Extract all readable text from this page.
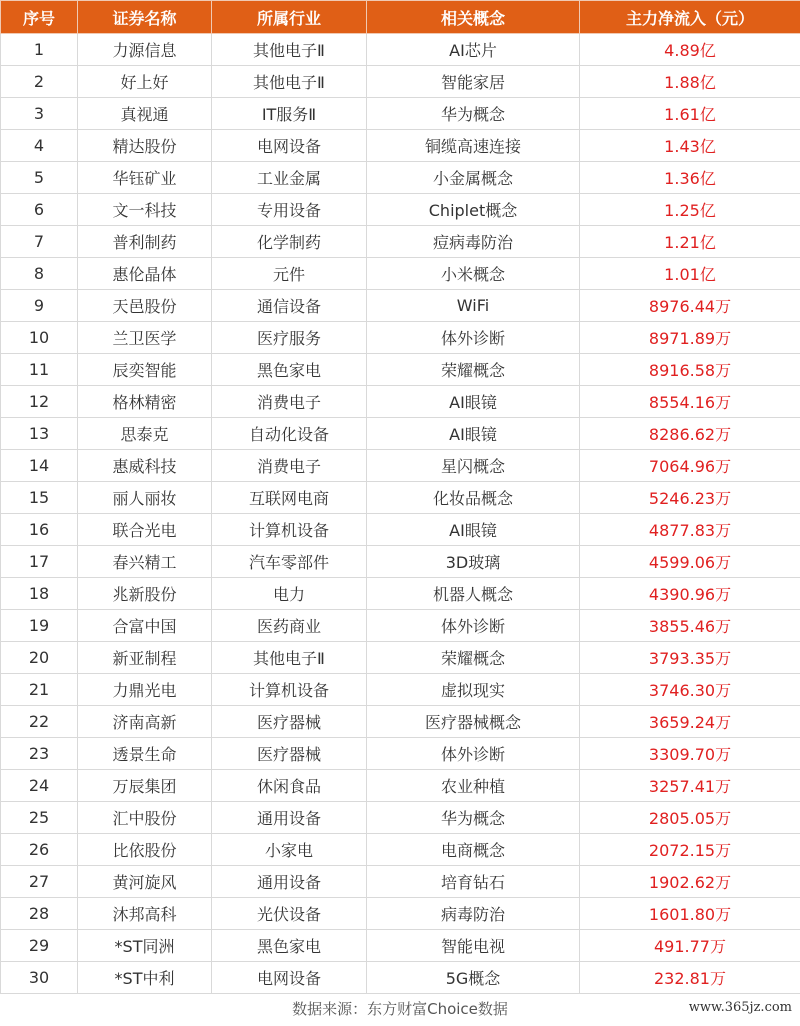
序号	证券名称	所属行业	相关概念	主力净流入（元）
1	力源信息	其他电子Ⅱ	AI芯片	4.89亿
2	好上好	其他电子Ⅱ	智能家居	1.88亿
3	真视通	IT服务Ⅱ	华为概念	1.61亿
4	精达股份	电网设备	铜缆高速连接	1.43亿
5	华钰矿业	工业金属	小金属概念	1.36亿
6	文一科技	专用设备	Chiplet概念	1.25亿
7	普利制药	化学制药	痘病毒防治	1.21亿
8	惠伦晶体	元件	小米概念	1.01亿
9	天邑股份	通信设备	WiFi	8976.44万
10	兰卫医学	医疗服务	体外诊断	8971.89万
11	辰奕智能	黑色家电	荣耀概念	8916.58万
12	格林精密	消费电子	AI眼镜	8554.16万
13	思泰克	自动化设备	AI眼镜	8286.62万
14	惠威科技	消费电子	星闪概念	7064.96万
15	丽人丽妆	互联网电商	化妆品概念	5246.23万
16	联合光电	计算机设备	AI眼镜	4877.83万
17	春兴精工	汽车零部件	3D玻璃	4599.06万
18	兆新股份	电力	机器人概念	4390.96万
19	合富中国	医药商业	体外诊断	3855.46万
20	新亚制程	其他电子Ⅱ	荣耀概念	3793.35万
21	力鼎光电	计算机设备	虚拟现实	3746.30万
22	济南高新	医疗器械	医疗器械概念	3659.24万
23	透景生命	医疗器械	体外诊断	3309.70万
24	万辰集团	休闲食品	农业种植	3257.41万
25	汇中股份	通用设备	华为概念	2805.05万
26	比依股份	小家电	电商概念	2072.15万
27	黄河旋风	通用设备	培育钻石	1902.62万
28	沐邦高科	光伏设备	病毒防治	1601.80万
29	*ST同洲	黑色家电	智能电视	491.77万
30	*ST中利	电网设备	5G概念	232.81万
数据来源：东方财富Choice数据	www.365jz.com
